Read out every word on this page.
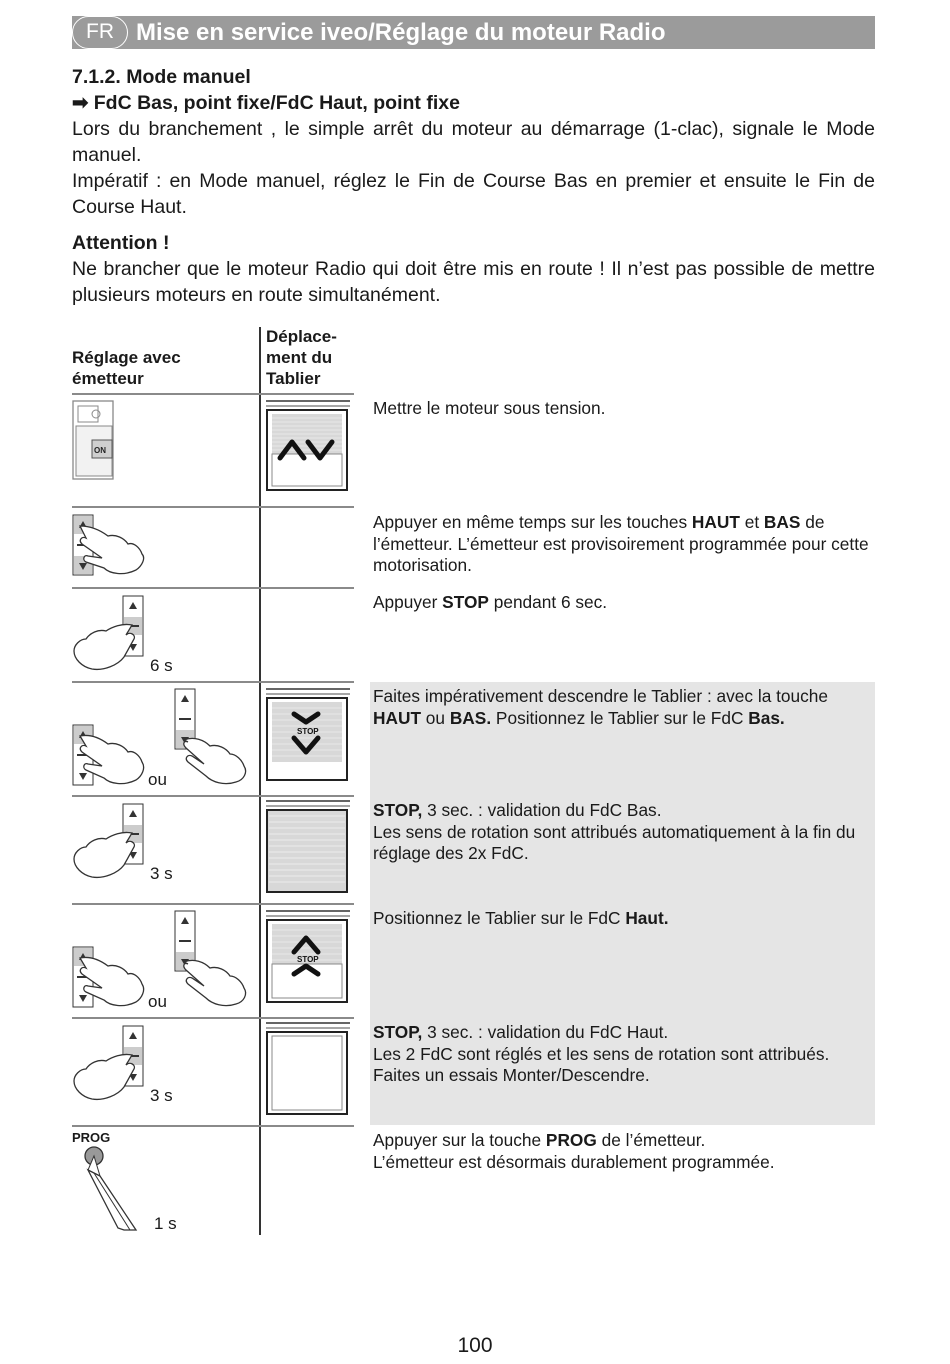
FR Mise en service iveo/Réglage du moteur Radio
7.1.2. Mode manuel
➡ FdC Bas, point fixe/FdC Haut, point fixe
Lors du branchement , le simple arrêt du moteur au démarrage (1-clac), signale le Mode manuel.
Impératif : en Mode manuel, réglez le Fin de Course Bas en premier et ensuite le Fin de Course Haut.
Attention !
Ne brancher que le moteur Radio qui doit être mis en route ! Il n’est pas possible de mettre plusieurs moteurs en route simultanément.
Réglage avec
émetteur
Déplace-
ment du
Tablier
Mettre le moteur sous tension.
Appuyer en même temps sur les touches HAUT et BAS de l’émetteur. L’émetteur est provisoirement programmée pour cette motorisation.
Appuyer STOP pendant 6 sec.
Faites impérativement descendre le Tablier : avec la touche HAUT ou BAS. Positionnez le Tablier sur le FdC Bas.
STOP, 3 sec. : validation du FdC Bas.
Les sens de rotation sont attribués automatiquement à la fin du réglage des 2x FdC.
Positionnez le Tablier sur le FdC Haut.
STOP, 3 sec. : validation du FdC Haut.
Les 2 FdC sont réglés et les sens de rotation sont attribués. Faites un essais Monter/Descendre.
Appuyer sur la touche PROG de l’émetteur.
L’émetteur est désormais durablement programmée.
ON
6 s
ou
STOP
3 s
ou
STOP
3 s
PROG
1 s
100
